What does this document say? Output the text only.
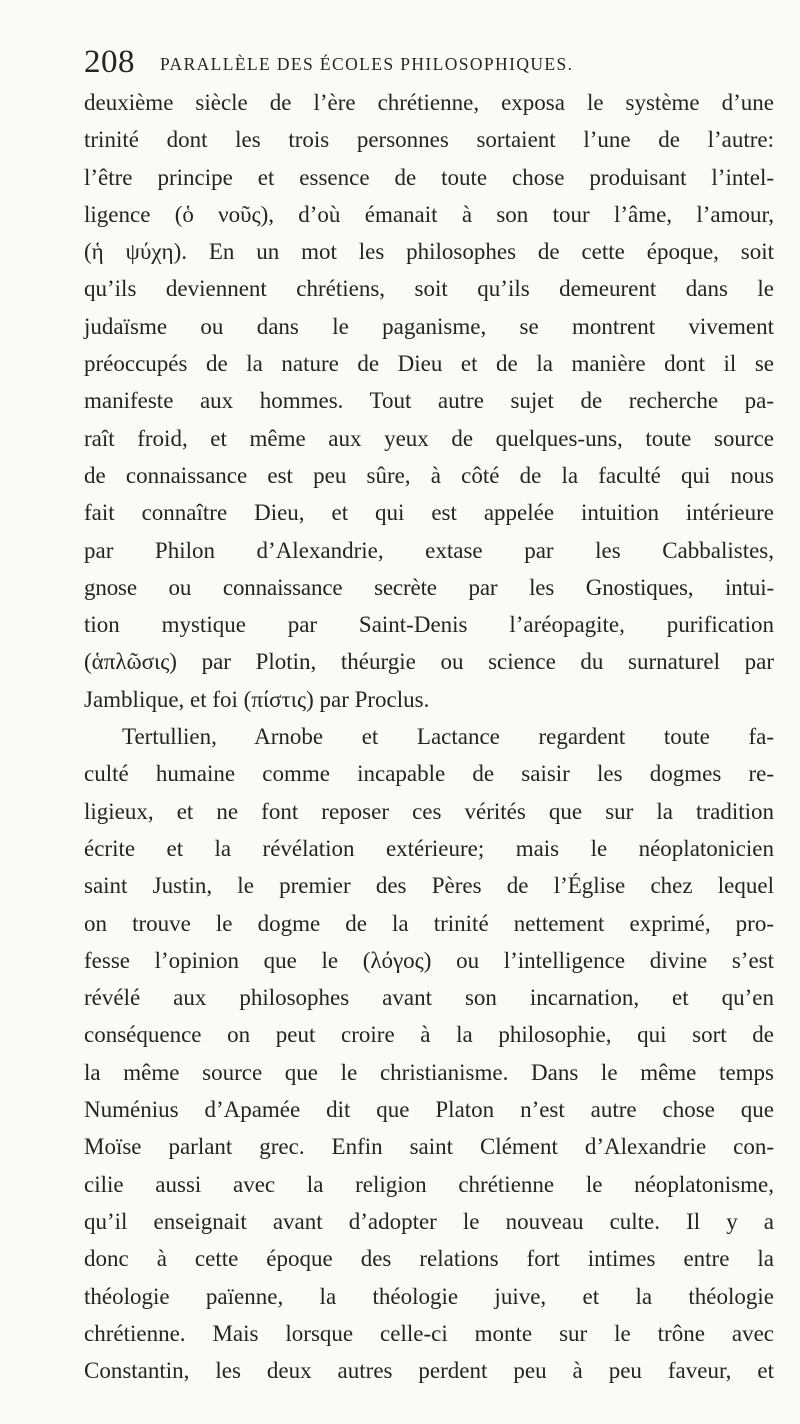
208 PARALLÈLE DES ÉCOLES PHILOSOPHIQUES.
deuxième siècle de l’ère chrétienne, exposa le système d’une
trinité dont les trois personnes sortaient l’une de l’autre:
l’être principe et essence de toute chose produisant l’intel-
ligence (ὁ νοῦς), d’où émanait à son tour l’âme, l’amour,
(ἡ ψύχη). En un mot les philosophes de cette époque, soit
qu’ils deviennent chrétiens, soit qu’ils demeurent dans le
judaïsme ou dans le paganisme, se montrent vivement
préoccupés de la nature de Dieu et de la manière dont il se
manifeste aux hommes. Tout autre sujet de recherche pa-
raît froid, et même aux yeux de quelques-uns, toute source
de connaissance est peu sûre, à côté de la faculté qui nous
fait connaître Dieu, et qui est appelée intuition intérieure
par Philon d’Alexandrie, extase par les Cabbalistes,
gnose ou connaissance secrète par les Gnostiques, intui-
tion mystique par Saint-Denis l’aréopagite, purification
(ἁπλῶσις) par Plotin, théurgie ou science du surnaturel par
Jamblique, et foi (πίστις) par Proclus.
Tertullien, Arnobe et Lactance regardent toute fa-
culté humaine comme incapable de saisir les dogmes re-
ligieux, et ne font reposer ces vérités que sur la tradition
écrite et la révélation extérieure; mais le néoplatonicien
saint Justin, le premier des Pères de l’Église chez lequel
on trouve le dogme de la trinité nettement exprimé, pro-
fesse l’opinion que le (λόγος) ou l’intelligence divine s’est
révélé aux philosophes avant son incarnation, et qu’en
conséquence on peut croire à la philosophie, qui sort de
la même source que le christianisme. Dans le même temps
Numénius d’Apamée dit que Platon n’est autre chose que
Moïse parlant grec. Enfin saint Clément d’Alexandrie con-
cilie aussi avec la religion chrétienne le néoplatonisme,
qu’il enseignait avant d’adopter le nouveau culte. Il y a
donc à cette époque des relations fort intimes entre la
théologie païenne, la théologie juive, et la théologie
chrétienne. Mais lorsque celle-ci monte sur le trône avec
Constantin, les deux autres perdent peu à peu faveur, et
